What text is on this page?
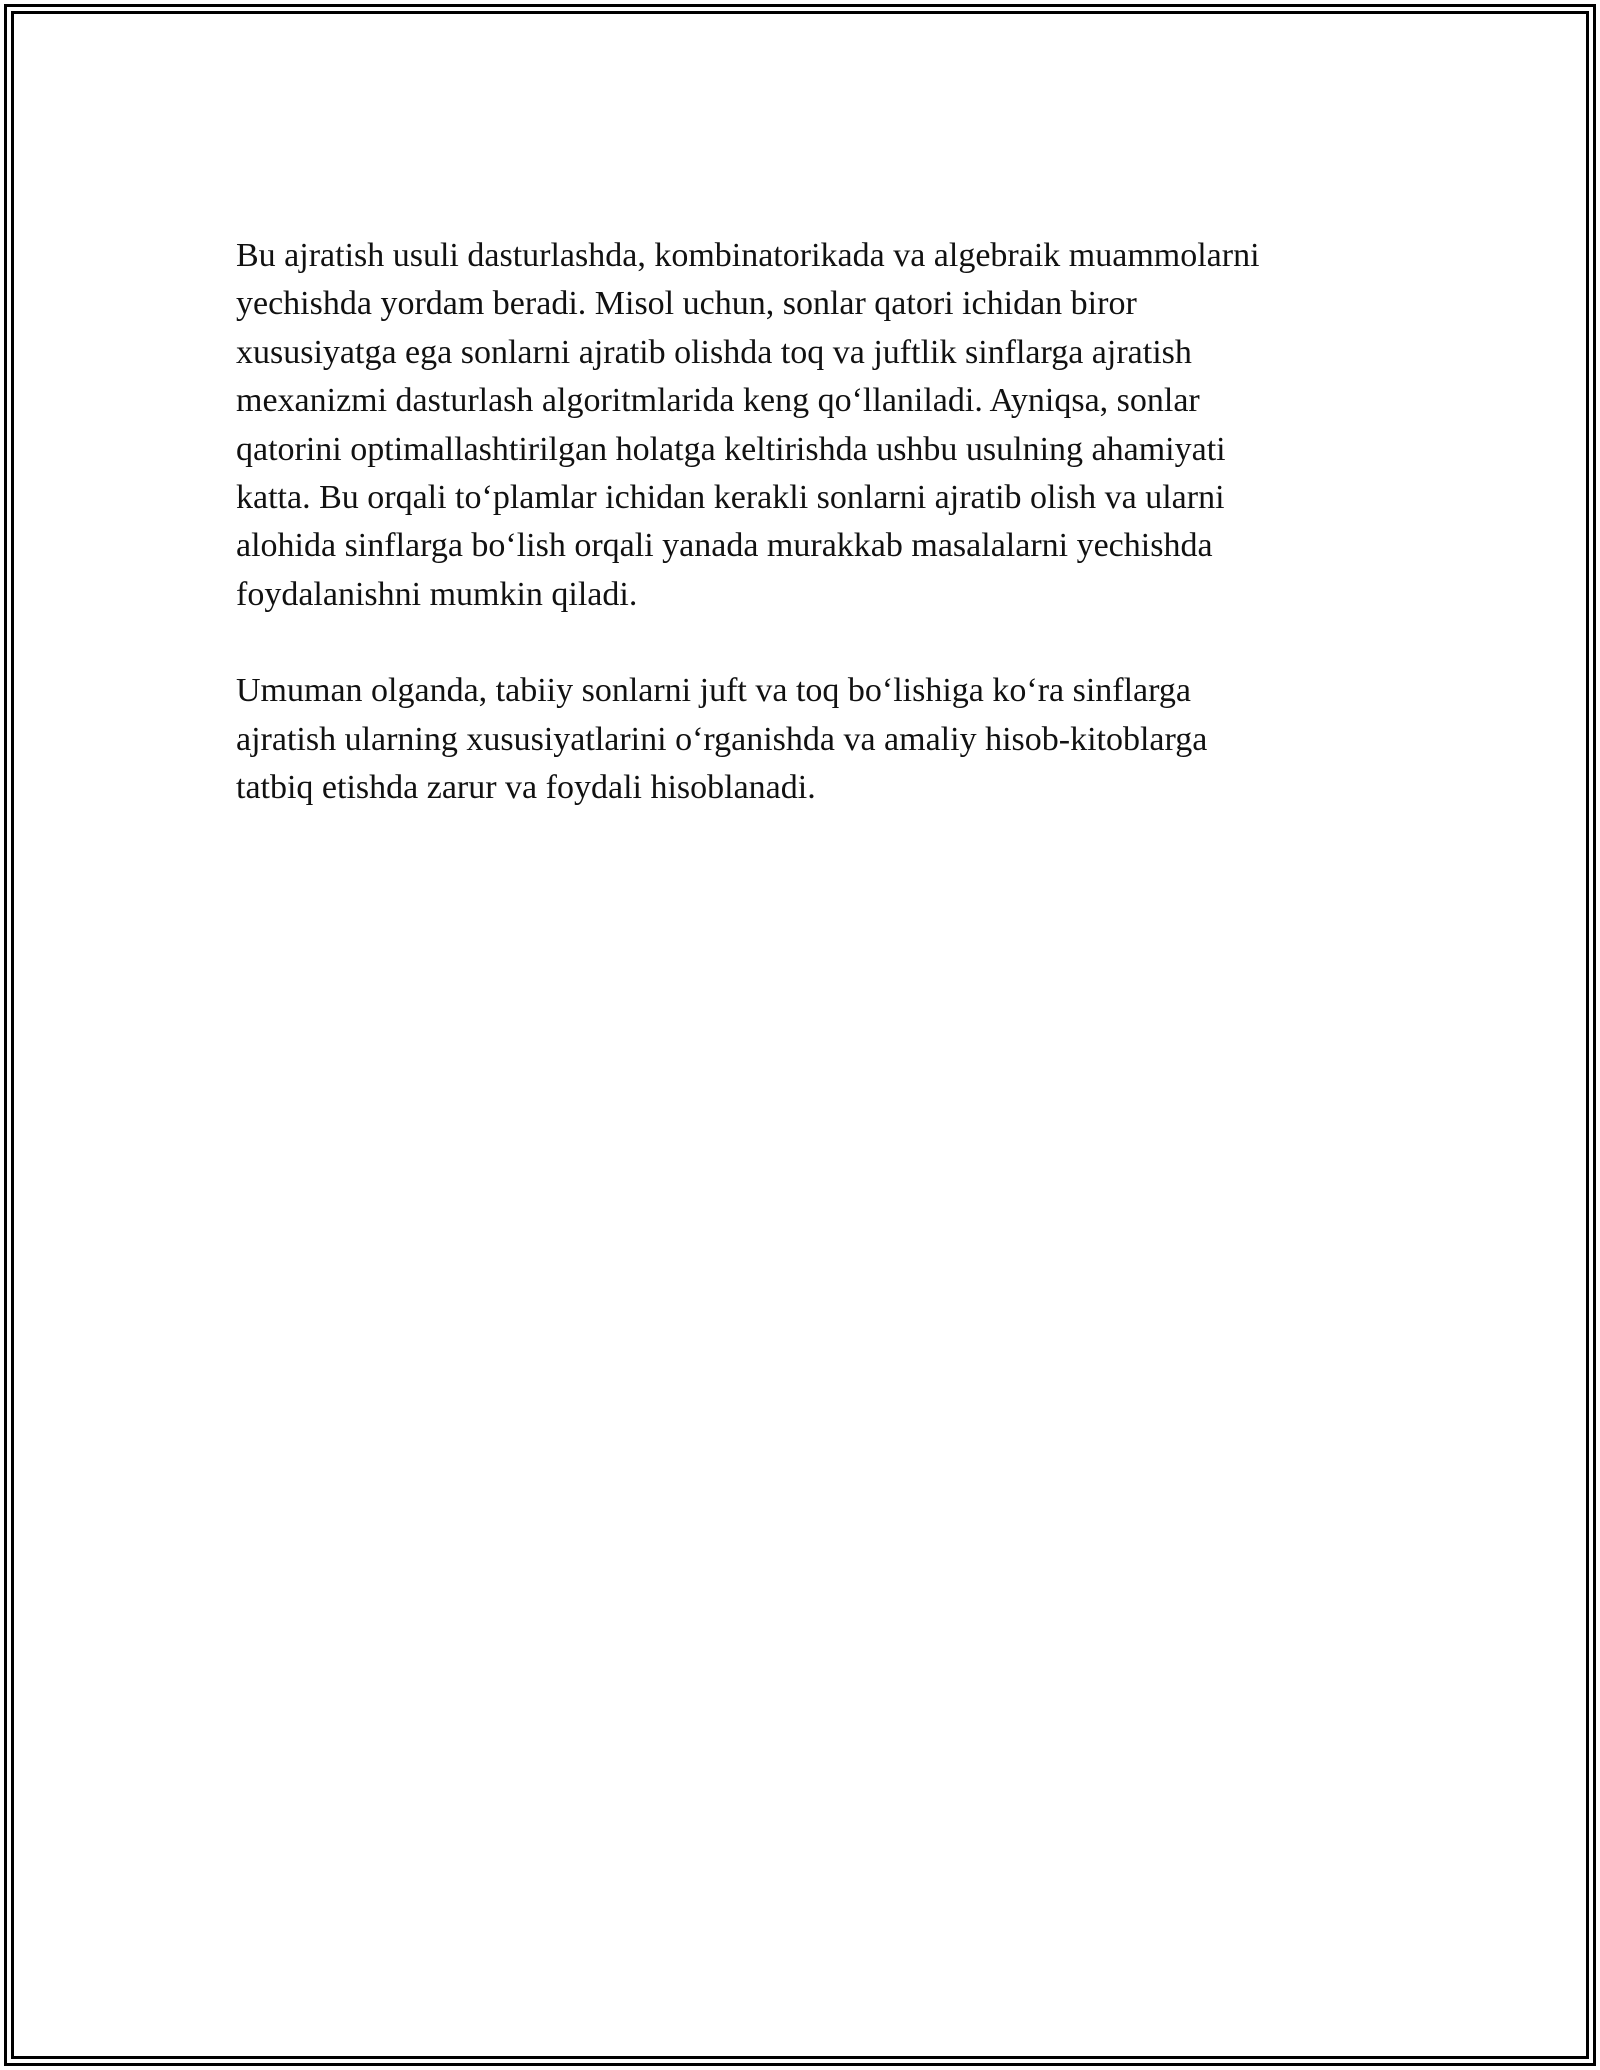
Bu ajratish usuli dasturlashda, kombinatorikada va algebraik muammolarni
yechishda yordam beradi. Misol uchun, sonlar qatori ichidan biror
xususiyatga ega sonlarni ajratib olishda toq va juftlik sinflarga ajratish
mexanizmi dasturlash algoritmlarida keng qo‘llaniladi. Ayniqsa, sonlar
qatorini optimallashtirilgan holatga keltirishda ushbu usulning ahamiyati
katta. Bu orqali to‘plamlar ichidan kerakli sonlarni ajratib olish va ularni
alohida sinflarga bo‘lish orqali yanada murakkab masalalarni yechishda
foydalanishni mumkin qiladi.

Umuman olganda, tabiiy sonlarni juft va toq bo‘lishiga ko‘ra sinflarga
ajratish ularning xususiyatlarini o‘rganishda va amaliy hisob-kitoblarga
tatbiq etishda zarur va foydali hisoblanadi.
